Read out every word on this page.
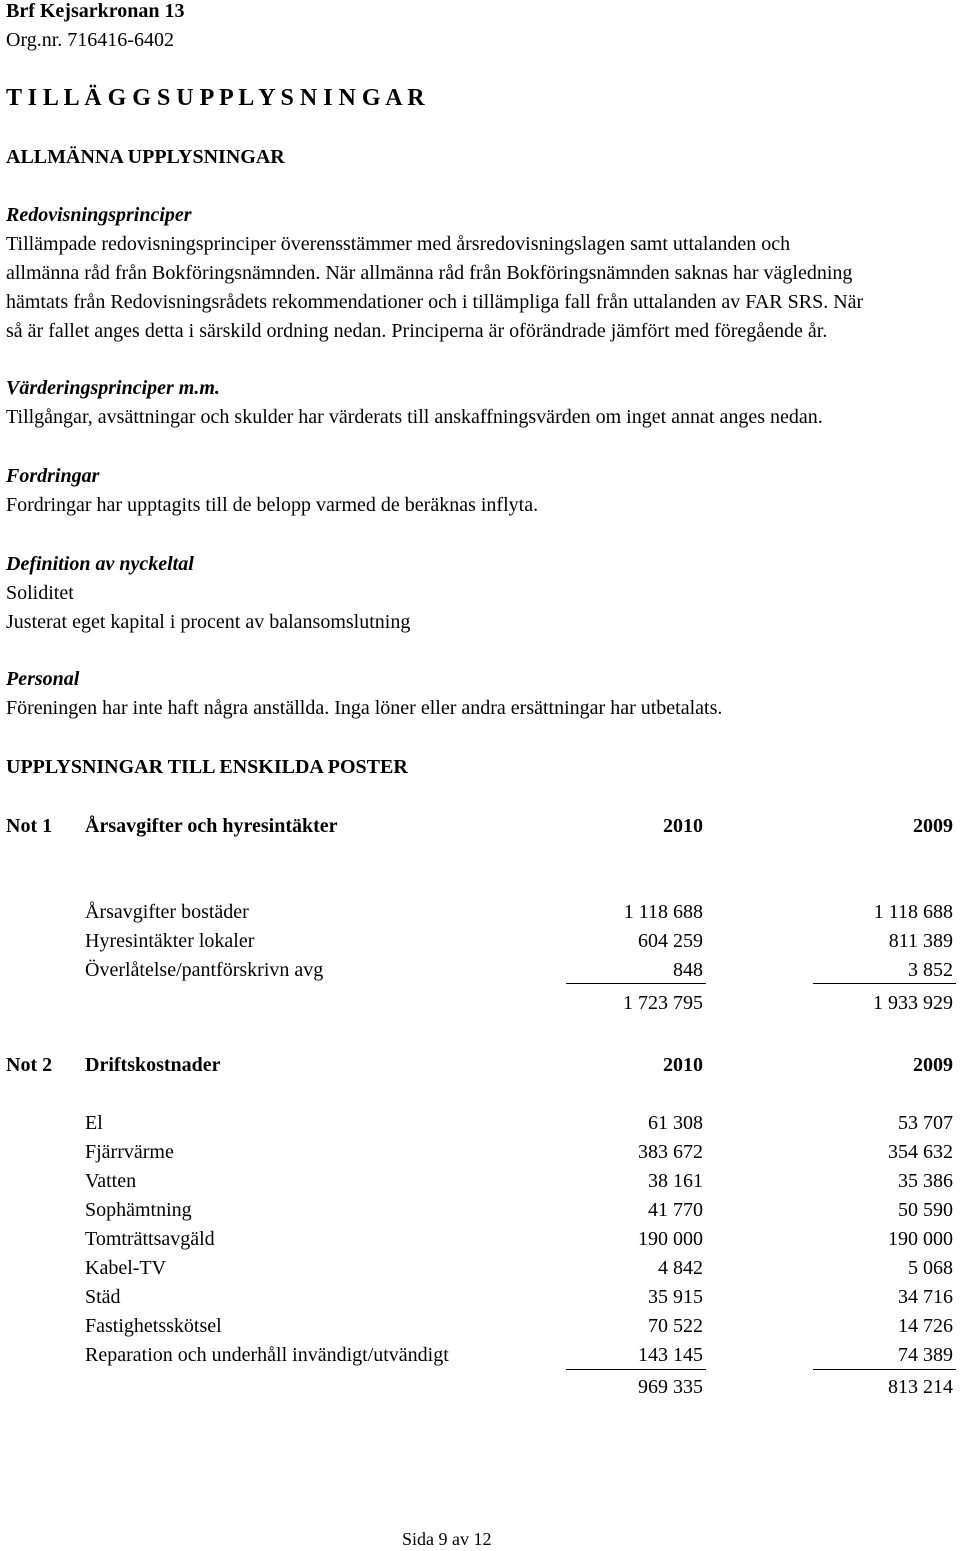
Brf Kejsarkronan 13
Org.nr. 716416-6402
T I L L Ä G G S U P P L Y S N I N G A R
ALLMÄNNA UPPLYSNINGAR
Redovisningsprinciper
Tillämpade redovisningsprinciper överensstämmer med årsredovisningslagen samt uttalanden och
allmänna råd från Bokföringsnämnden. När allmänna råd från Bokföringsnämnden saknas har vägledning
hämtats från Redovisningsrådets rekommendationer och i tillämpliga fall från uttalanden av FAR SRS. När
så är fallet anges detta i särskild ordning nedan. Principerna är oförändrade jämfört med föregående år.
Värderingsprinciper m.m.
Tillgångar, avsättningar och skulder har värderats till anskaffningsvärden om inget annat anges nedan.
Fordringar
Fordringar har upptagits till de belopp varmed de beräknas inflyta.
Definition av nyckeltal
Soliditet
Justerat eget kapital i procent av balansomslutning
Personal
Föreningen har inte haft några anställda. Inga löner eller andra ersättningar har utbetalats.
UPPLYSNINGAR TILL ENSKILDA POSTER
Not 1 Årsavgifter och hyresintäkter	2010	2009
Årsavgifter bostäder	1 118 688	1 118 688
Hyresintäkter lokaler	604 259	811 389
Överlåtelse/pantförskrivn avg	848	3 852
1 723 795	1 933 929
Not 2 Driftskostnader	2010	2009
El	61 308	53 707
Fjärrvärme	383 672	354 632
Vatten	38 161	35 386
Sophämtning	41 770	50 590
Tomträttsavgäld	190 000	190 000
Kabel-TV	4 842	5 068
Städ	35 915	34 716
Fastighetsskötsel	70 522	14 726
Reparation och underhåll invändigt/utvändigt	143 145	74 389
969 335	813 214
Sida 9 av 12
